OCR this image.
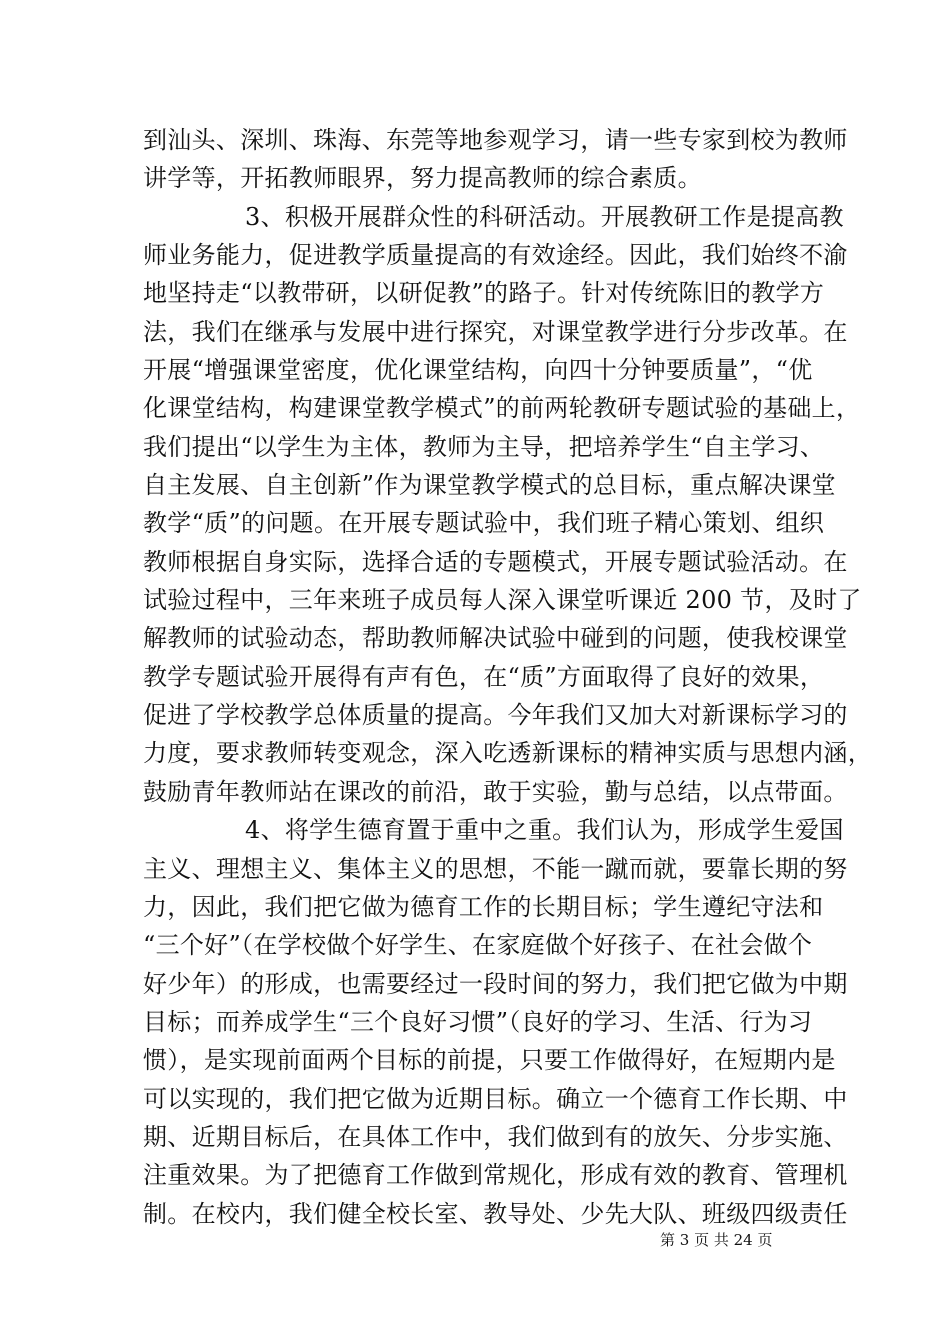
到汕头、深圳、珠海、东莞等地参观学习，请一些专家到校为教师
讲学等，开拓教师眼界，努力提高教师的综合素质。
3、积极开展群众性的科研活动。开展教研工作是提高教
师业务能力，促进教学质量提高的有效途经。因此，我们始终不渝
地坚持走“以教带研，以研促教”的路子。针对传统陈旧的教学方
法，我们在继承与发展中进行探究，对课堂教学进行分步改革。在
开展“增强课堂密度，优化课堂结构，向四十分钟要质量”，“优
化课堂结构，构建课堂教学模式”的前两轮教研专题试验的基础上，
我们提出“以学生为主体，教师为主导，把培养学生“自主学习、
自主发展、自主创新”作为课堂教学模式的总目标，重点解决课堂
教学“质”的问题。在开展专题试验中，我们班子精心策划、组织
教师根据自身实际，选择合适的专题模式，开展专题试验活动。在
试验过程中，三年来班子成员每人深入课堂听课近 200 节，及时了
解教师的试验动态，帮助教师解决试验中碰到的问题，使我校课堂
教学专题试验开展得有声有色，在“质”方面取得了良好的效果，
促进了学校教学总体质量的提高。今年我们又加大对新课标学习的
力度，要求教师转变观念，深入吃透新课标的精神实质与思想内涵，
鼓励青年教师站在课改的前沿，敢于实验，勤与总结，以点带面。
4、将学生德育置于重中之重。我们认为，形成学生爱国
主义、理想主义、集体主义的思想，不能一蹴而就，要靠长期的努
力，因此，我们把它做为德育工作的长期目标；学生遵纪守法和
“三个好”（在学校做个好学生、在家庭做个好孩子、在社会做个
好少年）的形成，也需要经过一段时间的努力，我们把它做为中期
目标；而养成学生“三个良好习惯”（良好的学习、生活、行为习
惯），是实现前面两个目标的前提，只要工作做得好，在短期内是
可以实现的，我们把它做为近期目标。确立一个德育工作长期、中
期、近期目标后，在具体工作中，我们做到有的放矢、分步实施、
注重效果。为了把德育工作做到常规化，形成有效的教育、管理机
制。在校内，我们健全校长室、教导处、少先大队、班级四级责任
第 3 页 共 24 页
